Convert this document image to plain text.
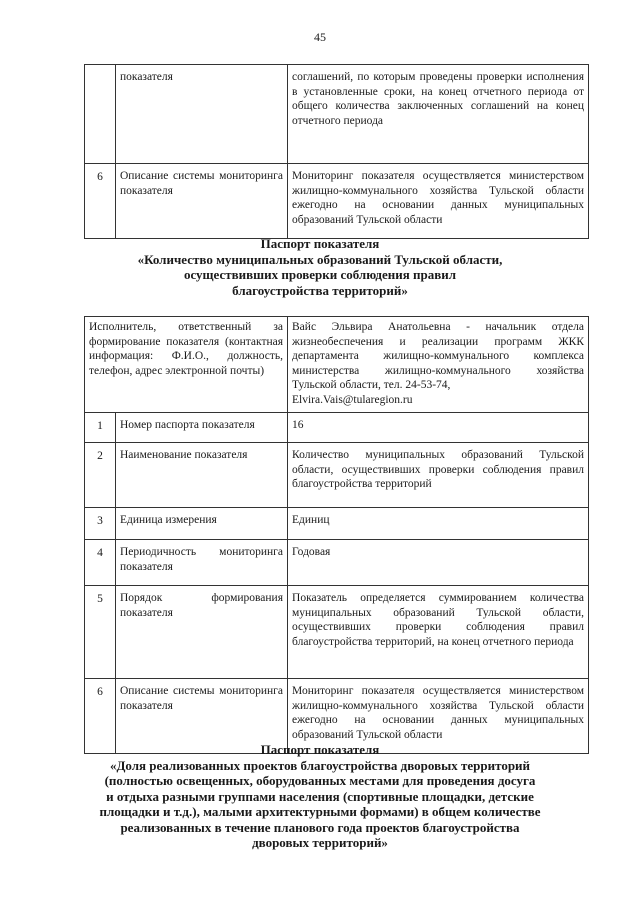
45
	показателя	соглашений, по которым проведены проверки исполнения в установленные сроки, на конец отчетного периода от общего количества заключенных соглашений на конец отчетного периода
6	Описание системы мониторинга показателя	Мониторинг показателя осуществляется министерством жилищно-коммунального хозяйства Тульской области ежегодно на основании данных муниципальных образований Тульской области
Паспорт показателя
«Количество муниципальных образований Тульской области,
осуществивших проверки соблюдения правил
благоустройства территорий»
Исполнитель, ответственный за формирование показателя (контактная информация: Ф.И.О., должность, телефон, адрес электронной почты)		Вайс Эльвира Анатольевна - начальник отдела жизнеобеспечения и реализации программ ЖКК департамента жилищно-коммунального комплекса министерства жилищно-коммунального хозяйства Тульской области, тел. 24-53-74,
Elvira.Vais@tularegion.ru
1	Номер паспорта показателя	16
2	Наименование показателя	Количество муниципальных образований Тульской области, осуществивших проверки соблюдения правил благоустройства территорий
3	Единица измерения	Единиц
4	Периодичность мониторинга показателя	Годовая
5	Порядок формирования показателя	Показатель определяется суммированием количества муниципальных образований Тульской области, осуществивших проверки соблюдения правил благоустройства территорий, на конец отчетного периода
6	Описание системы мониторинга показателя	Мониторинг показателя осуществляется министерством жилищно-коммунального хозяйства Тульской области ежегодно на основании данных муниципальных образований Тульской области
Паспорт показателя
«Доля реализованных проектов благоустройства дворовых территорий
(полностью освещенных, оборудованных местами для проведения досуга
и отдыха разными группами населения (спортивные площадки, детские
площадки и т.д.), малыми архитектурными формами) в общем количестве
реализованных в течение планового года проектов благоустройства
дворовых территорий»
